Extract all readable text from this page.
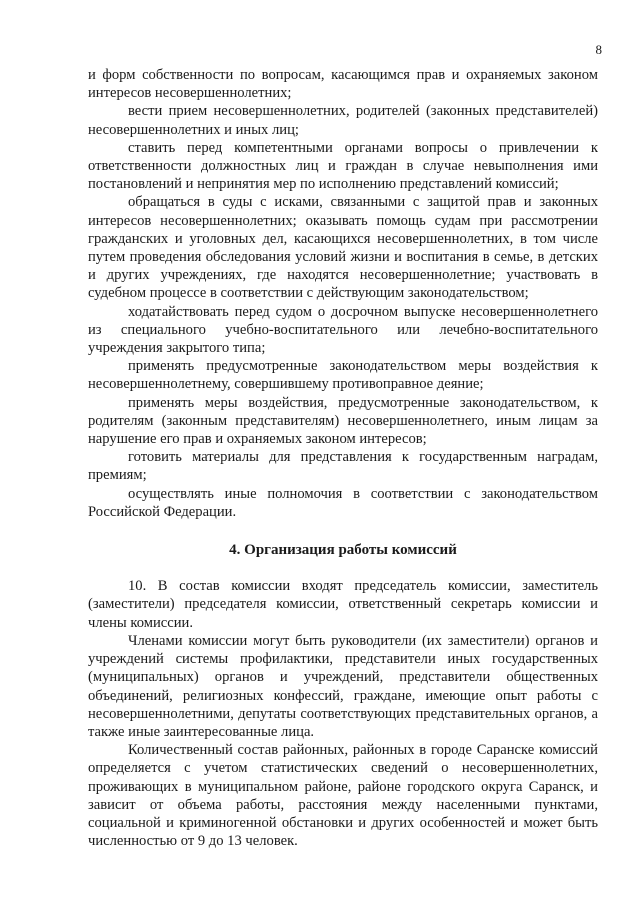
8

и форм собственности по вопросам, касающимся прав и охраняемых законом интересов несовершеннолетних;

вести прием несовершеннолетних, родителей (законных представителей) несовершеннолетних и иных лиц;

ставить перед компетентными органами вопросы о привлечении к ответственности должностных лиц и граждан в случае невыполнения ими постановлений и непринятия мер по исполнению представлений комиссий;

обращаться в суды с исками, связанными с защитой прав и законных интересов несовершеннолетних; оказывать помощь судам при рассмотрении гражданских и уголовных дел, касающихся несовершеннолетних, в том числе путем проведения обследования условий жизни и воспитания в семье, в детских и других учреждениях, где находятся несовершеннолетние; участвовать в судебном процессе в соответствии с действующим законодательством;

ходатайствовать перед судом о досрочном выпуске несовершеннолетнего из специального учебно-воспитательного или лечебно-воспитательного учреждения закрытого типа;

применять предусмотренные законодательством меры воздействия к несовершеннолетнему, совершившему противоправное деяние;

применять меры воздействия, предусмотренные законодательством, к родителям (законным представителям) несовершеннолетнего, иным лицам за нарушение его прав и охраняемых законом интересов;

готовить материалы для представления к государственным наградам, премиям;

осуществлять иные полномочия в соответствии с законодательством Российской Федерации.

4. Организация работы комиссий

10. В состав комиссии входят председатель комиссии, заместитель (заместители) председателя комиссии, ответственный секретарь комиссии и члены комиссии.

Членами комиссии могут быть руководители (их заместители) органов и учреждений системы профилактики, представители иных государственных (муниципальных) органов и учреждений, представители общественных объединений, религиозных конфессий, граждане, имеющие опыт работы с несовершеннолетними, депутаты соответствующих представительных органов, а также иные заинтересованные лица.

Количественный состав районных, районных в городе Саранске комиссий определяется с учетом статистических сведений о несовершеннолетних, проживающих в муниципальном районе, районе городского округа Саранск, и зависит от объема работы, расстояния между населенными пунктами, социальной и криминогенной обстановки и других особенностей и может быть численностью от 9 до 13 человек.
